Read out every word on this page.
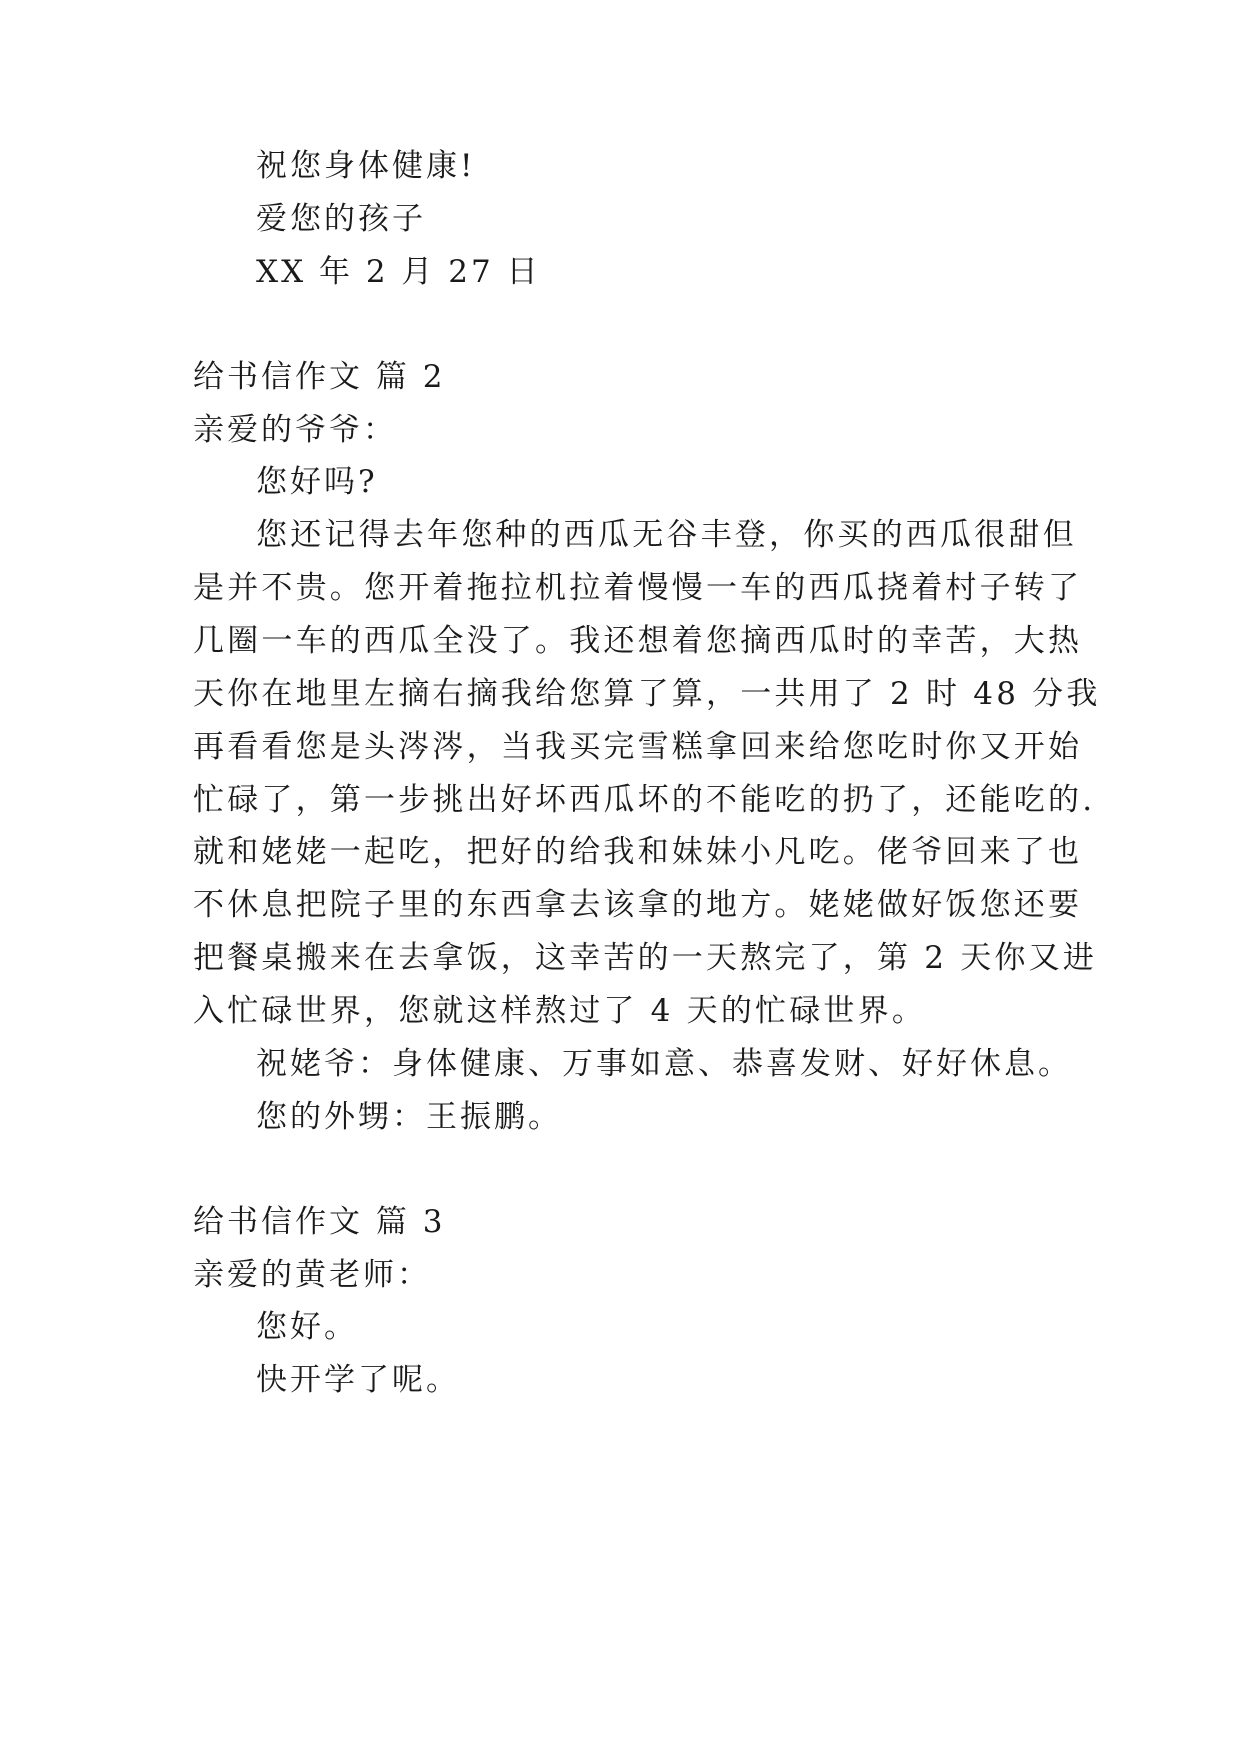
祝您身体健康!
爱您的孩子
XX 年 2 月 27 日
给书信作文 篇 2
亲爱的爷爷：
您好吗?
您还记得去年您种的西瓜无谷丰登，你买的西瓜很甜但
是并不贵。您开着拖拉机拉着慢慢一车的西瓜挠着村子转了
几圈一车的西瓜全没了。我还想着您摘西瓜时的幸苦，大热
天你在地里左摘右摘我给您算了算，一共用了 2 时 48 分我
再看看您是头涔涔，当我买完雪糕拿回来给您吃时你又开始
忙碌了，第一步挑出好坏西瓜坏的不能吃的扔了，还能吃的.
就和姥姥一起吃，把好的给我和妹妹小凡吃。佬爷回来了也
不休息把院子里的东西拿去该拿的地方。姥姥做好饭您还要
把餐桌搬来在去拿饭，这幸苦的一天熬完了，第 2 天你又进
入忙碌世界，您就这样熬过了 4 天的忙碌世界。
祝姥爷：身体健康、万事如意、恭喜发财、好好休息。
您的外甥：王振鹏。
给书信作文 篇 3
亲爱的黄老师：
您好。
快开学了呢。
